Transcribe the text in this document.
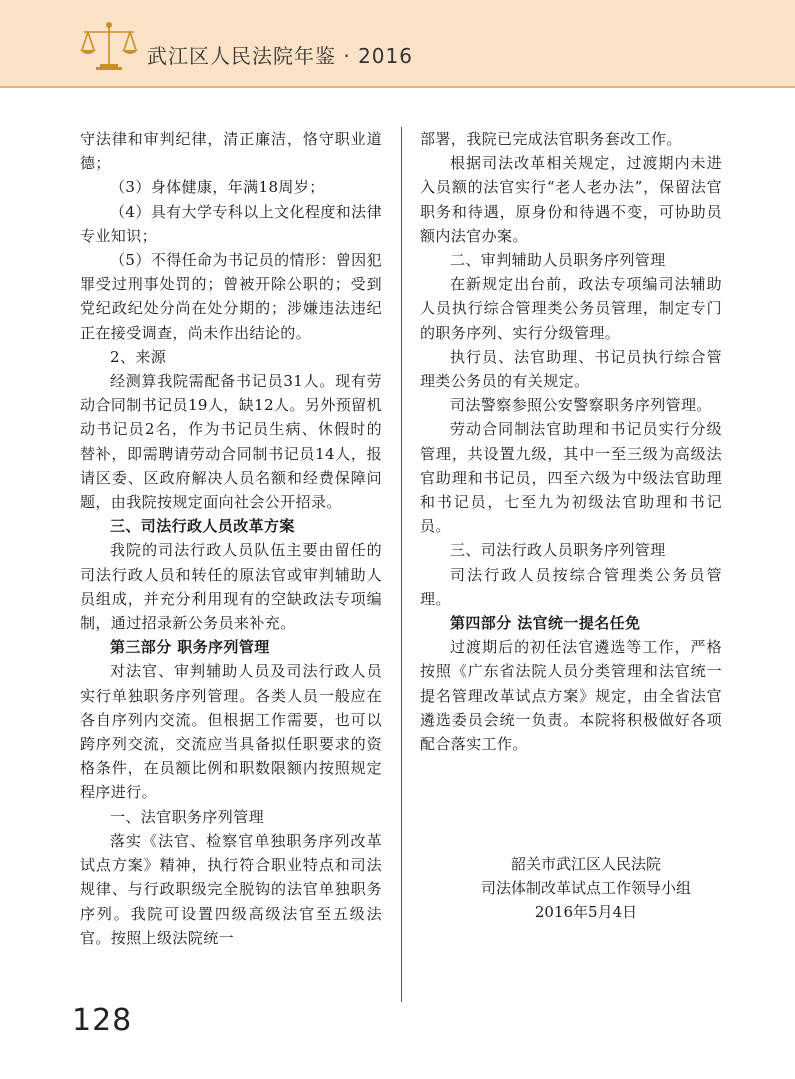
武江区人民法院年鉴 · 2016

守法律和审判纪律，清正廉洁，恪守职业道德；

（3）身体健康，年满18周岁；

（4）具有大学专科以上文化程度和法律专业知识；

（5）不得任命为书记员的情形：曾因犯罪受过刑事处罚的；曾被开除公职的；受到党纪政纪处分尚在处分期的；涉嫌违法违纪正在接受调查，尚未作出结论的。

2、来源

经测算我院需配备书记员31人。现有劳动合同制书记员19人，缺12人。另外预留机动书记员2名，作为书记员生病、休假时的替补，即需聘请劳动合同制书记员14人，报请区委、区政府解决人员名额和经费保障问题，由我院按规定面向社会公开招录。

三、司法行政人员改革方案

我院的司法行政人员队伍主要由留任的司法行政人员和转任的原法官或审判辅助人员组成，并充分利用现有的空缺政法专项编制，通过招录新公务员来补充。

第三部分 职务序列管理

对法官、审判辅助人员及司法行政人员实行单独职务序列管理。各类人员一般应在各自序列内交流。但根据工作需要，也可以跨序列交流，交流应当具备拟任职要求的资格条件，在员额比例和职数限额内按照规定程序进行。

一、法官职务序列管理

落实《法官、检察官单独职务序列改革试点方案》精神，执行符合职业特点和司法规律、与行政职级完全脱钩的法官单独职务序列。我院可设置四级高级法官至五级法官。按照上级法院统一

部署，我院已完成法官职务套改工作。

根据司法改革相关规定，过渡期内未进入员额的法官实行“老人老办法”，保留法官职务和待遇，原身份和待遇不变，可协助员额内法官办案。

二、审判辅助人员职务序列管理

在新规定出台前，政法专项编司法辅助人员执行综合管理类公务员管理，制定专门的职务序列、实行分级管理。

执行员、法官助理、书记员执行综合管理类公务员的有关规定。

司法警察参照公安警察职务序列管理。

劳动合同制法官助理和书记员实行分级管理，共设置九级，其中一至三级为高级法官助理和书记员，四至六级为中级法官助理和书记员，七至九为初级法官助理和书记员。

三、司法行政人员职务序列管理

司法行政人员按综合管理类公务员管理。

第四部分 法官统一提名任免

过渡期后的初任法官遴选等工作，严格按照《广东省法院人员分类管理和法官统一提名管理改革试点方案》规定，由全省法官遴选委员会统一负责。本院将积极做好各项配合落实工作。

韶关市武江区人民法院
司法体制改革试点工作领导小组
2016年5月4日
128
